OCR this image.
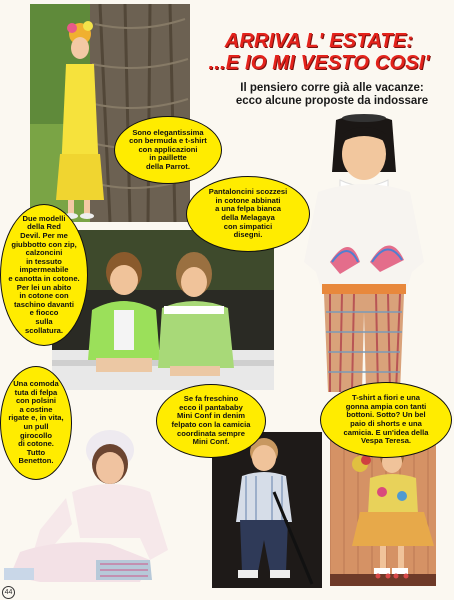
ARRIVA L' ESTATE:
...E IO MI VESTO COSI'
Il pensiero corre già alle vacanze:
ecco alcune proposte da indossare
Sono elegantissima
con bermuda e t-shirt
con applicazioni
in paillette
della Parrot.
Pantaloncini scozzesi
in cotone abbinati
a una felpa bianca
della Melagaya
con simpatici
disegni.
Due modelli
della Red
Devil. Per me
giubbotto con zip,
calzoncini
in tessuto
impermeabile
e canotta in cotone.
Per lei un abito
in cotone con
taschino davanti
e fiocco
sulla
scollatura.
Una comoda
tuta di felpa
con polsini
a costine
rigate e, in vita,
un pull
girocollo
di cotone.
Tutto
Benetton.
Se fa freschino
ecco il pantababy
Mini Conf in denim
felpato con la camicia
coordinata sempre
Mini Conf.
T-shirt a fiori e una
gonna ampia con tanti
bottoni. Sotto? Un bel
paio di shorts e una
camicia. E un'idea della
Vespa Teresa.
44
